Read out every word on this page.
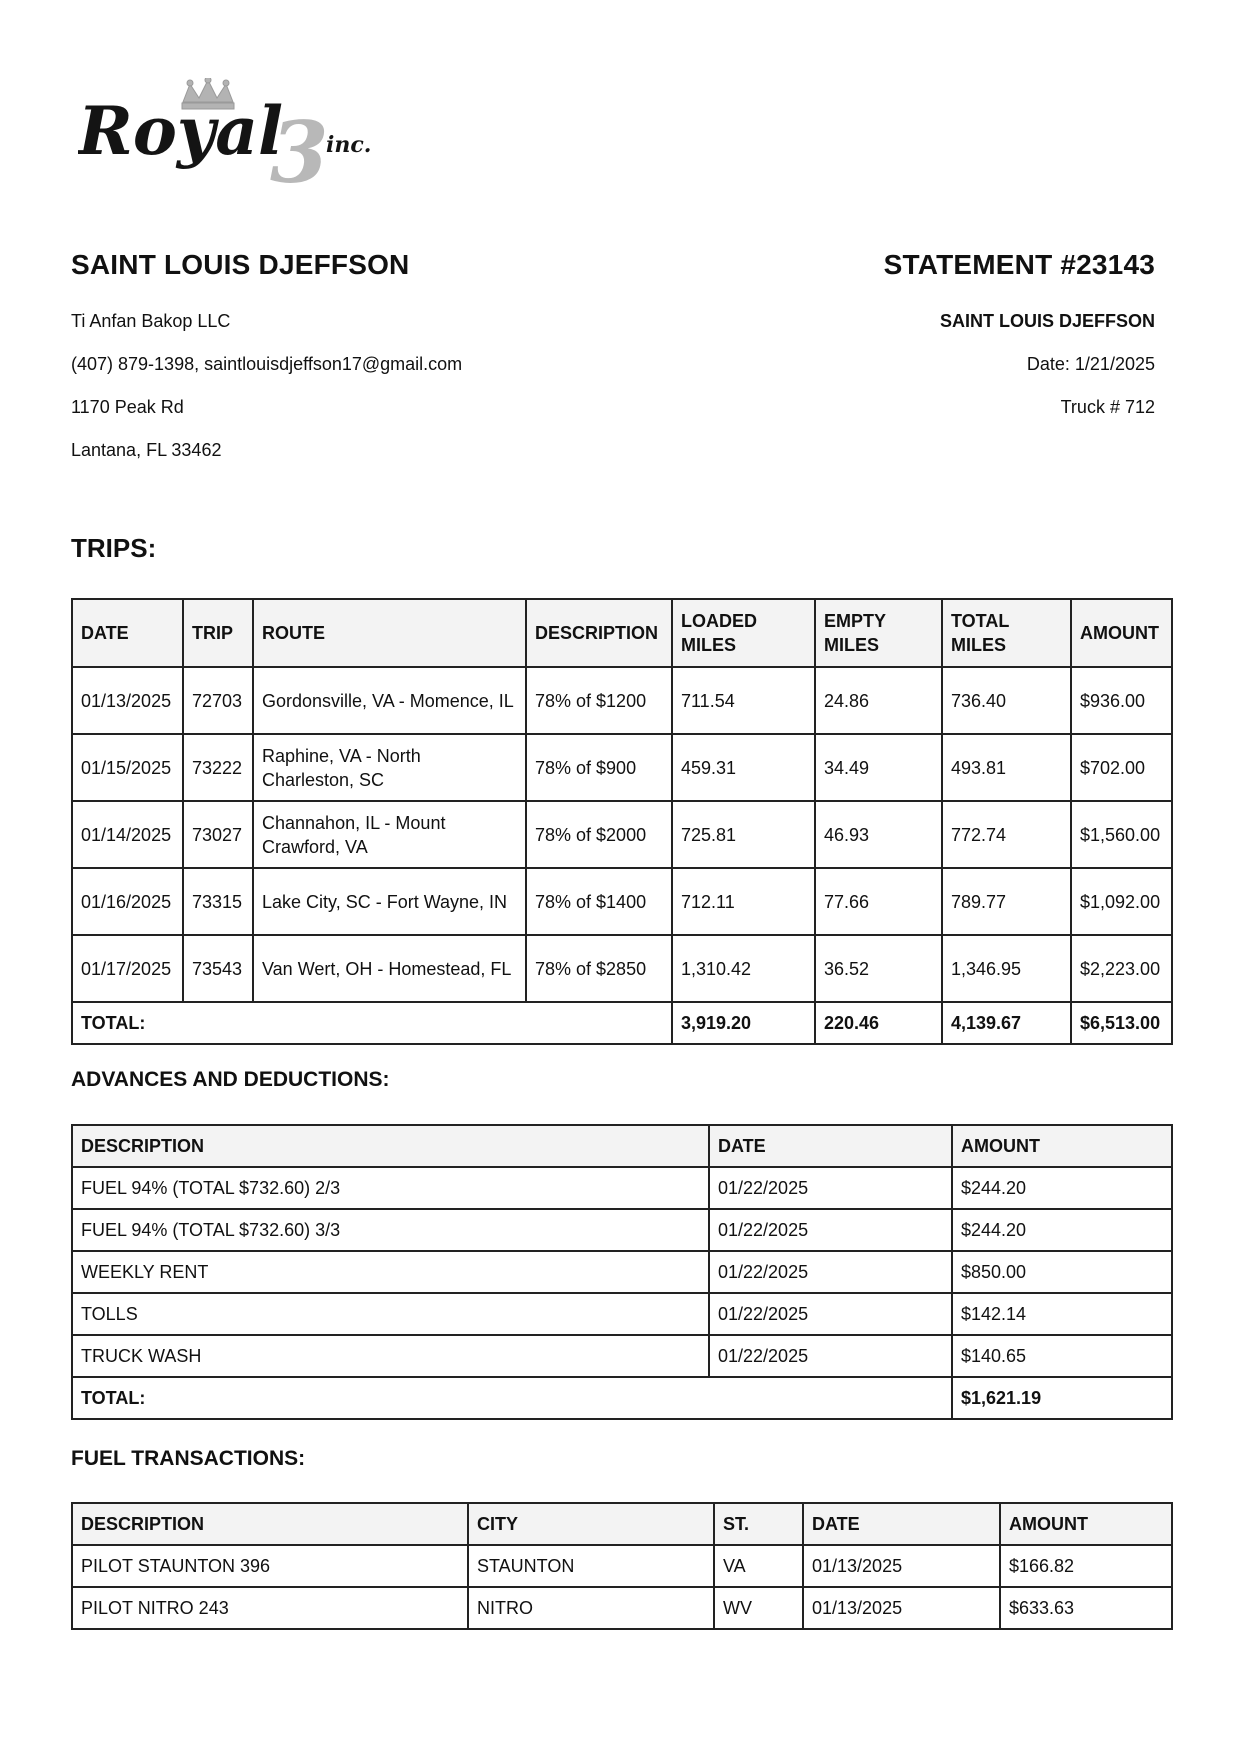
3
Royal inc.
SAINT LOUIS DJEFFSON
Ti Anfan Bakop LLC
(407) 879-1398, saintlouisdjeffson17@gmail.com
1170 Peak Rd
Lantana, FL 33462
STATEMENT #23143
SAINT LOUIS DJEFFSON
Date: 1/21/2025
Truck # 712
TRIPS:
DATE	TRIP	ROUTE	DESCRIPTION	LOADED MILES	EMPTY MILES	TOTAL MILES	AMOUNT
01/13/2025	72703	Gordonsville, VA - Momence, IL	78% of $1200	711.54	24.86	736.40	$936.00
01/15/2025	73222	Raphine, VA - North Charleston, SC	78% of $900	459.31	34.49	493.81	$702.00
01/14/2025	73027	Channahon, IL - Mount Crawford, VA	78% of $2000	725.81	46.93	772.74	$1,560.00
01/16/2025	73315	Lake City, SC - Fort Wayne, IN	78% of $1400	712.11	77.66	789.77	$1,092.00
01/17/2025	73543	Van Wert, OH - Homestead, FL	78% of $2850	1,310.42	36.52	1,346.95	$2,223.00
TOTAL:				3,919.20	220.46	4,139.67	$6,513.00
ADVANCES AND DEDUCTIONS:
DESCRIPTION	DATE	AMOUNT
FUEL 94% (TOTAL $732.60) 2/3	01/22/2025	$244.20
FUEL 94% (TOTAL $732.60) 3/3	01/22/2025	$244.20
WEEKLY RENT	01/22/2025	$850.00
TOLLS	01/22/2025	$142.14
TRUCK WASH	01/22/2025	$140.65
TOTAL:		$1,621.19
FUEL TRANSACTIONS:
DESCRIPTION	CITY	ST.	DATE	AMOUNT
PILOT STAUNTON 396	STAUNTON	VA	01/13/2025	$166.82
PILOT NITRO 243	NITRO	WV	01/13/2025	$633.63
